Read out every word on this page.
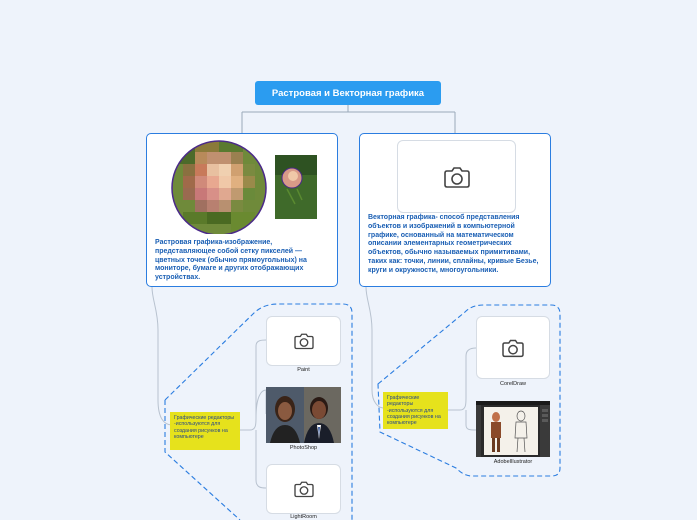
Растровая и Векторная графика
Растровая графика-изображение, представляющее собой сетку пикселей — цветных точек (обычно прямоугольных) на мониторе, бумаге и других отображающих устройствах.
Векторная графика- способ представления объектов и изображений в компьютерной графике, основанный на математическом описании элементарных геометрических объектов, обычно называемых примитивами, таких как: точки, линии, сплайны, кривые Безье, круги и окружности, многоугольники.
Графические редакторы -используются для создания рисунков на компьютере
Paint
PhotoShop
LightRoom
Графические редакторы -используются для создания рисунков на компьютере
CorelDraw
AdobeIllustrator
